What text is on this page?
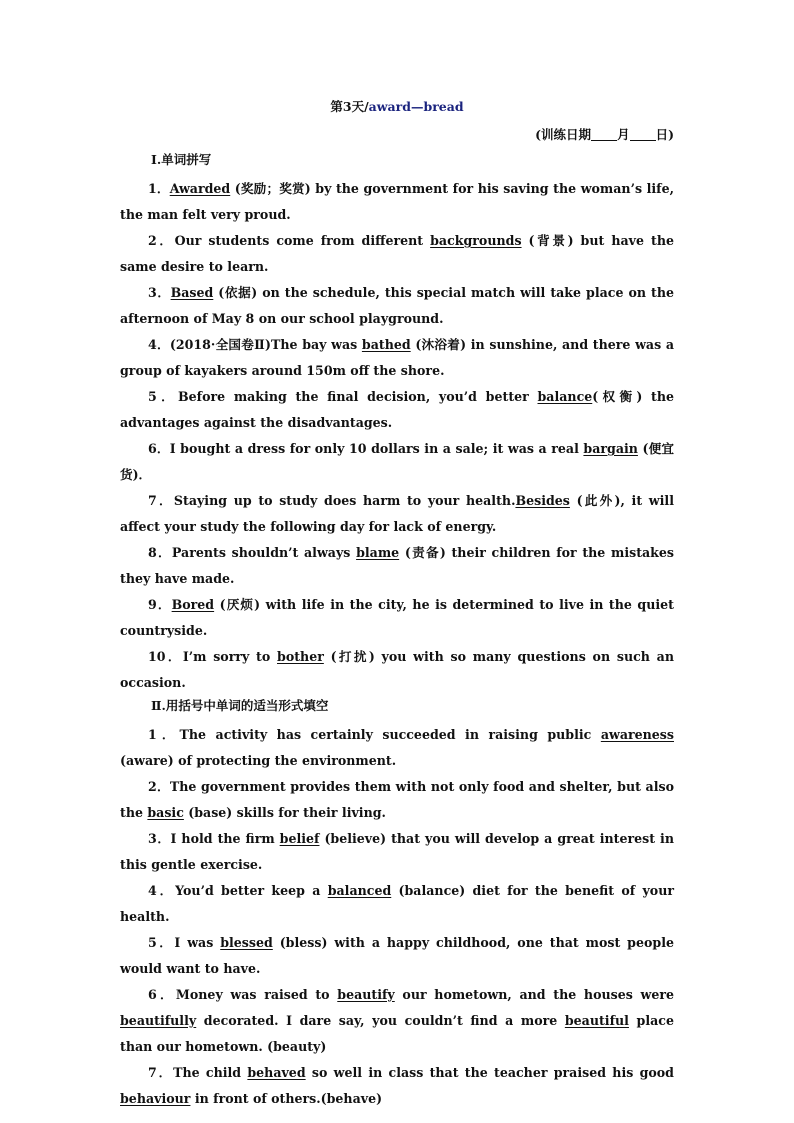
第3天/award—bread
(训练日期 月 日)
Ⅰ.单词拼写

1．Awarded (奖励；奖赏) by the government for his saving the woman’s life, the man felt very proud.

2．Our students come from different backgrounds (背景) but have the same desire to learn.

3．Based (依据) on the schedule, this special match will take place on the afternoon of May 8 on our school playground.

4．(2018·全国卷Ⅱ)The bay was bathed (沐浴着) in sunshine, and there was a group of kayakers around 150m off the shore.

5．Before making the final decision, you’d better balance(权衡) the advantages against the disadvantages.

6．I bought a dress for only 10 dollars in a sale; it was a real bargain (便宜货)．

7．Staying up to study does harm to your health.Besides (此外), it will affect your study the following day for lack of energy.

8．Parents shouldn’t always blame (责备) their children for the mistakes they have made.

9．Bored (厌烦) with life in the city, he is determined to live in the quiet countryside.

10．I’m sorry to bother (打扰) you with so many questions on such an occasion.

Ⅱ.用括号中单词的适当形式填空

1．The activity has certainly succeeded in raising public awareness (aware) of protecting the environment.

2．The government provides them with not only food and shelter, but also the basic (base) skills for their living.

3．I hold the firm belief (believe) that you will develop a great interest in this gentle exercise.

4．You’d better keep a balanced (balance) diet for the benefit of your health.

5．I was blessed (bless) with a happy childhood, one that most people would want to have.

6．Money was raised to beautify our hometown, and the houses were beautifully decorated. I dare say, you couldn’t find a more beautiful place than our hometown. (beauty)

7．The child behaved so well in class that the teacher praised his good behaviour in front of others.(behave)
